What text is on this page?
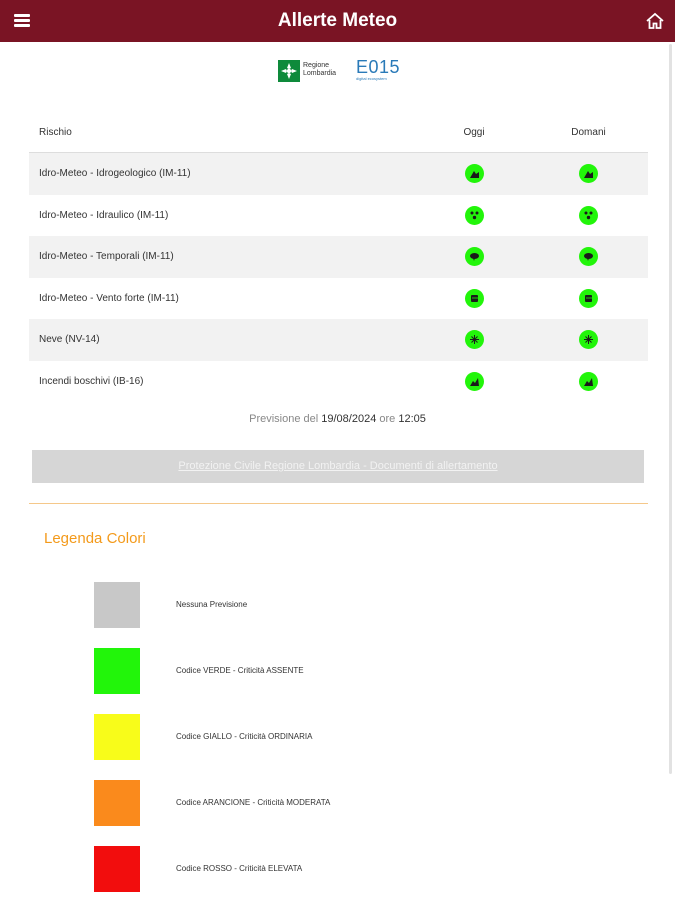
Allerte Meteo
Regione Lombardia	E015
digital ecosystem
Rischio	Oggi	Domani
Idro-Meteo - Idrogeologico (IM-11)	

Idro-Meteo - Idraulico (IM-11)	

Idro-Meteo - Temporali (IM-11)	

Idro-Meteo - Vento forte (IM-11)	

Neve (NV-14)	

Incendi boschivi (IB-16)	

Previsione del 19/08/2024 ore 12:05
Protezione Civile Regione Lombardia - Documenti di allertamento
Legenda Colori
Nessuna Previsione
Codice VERDE - Criticità ASSENTE
Codice GIALLO - Criticità ORDINARIA
Codice ARANCIONE - Criticità MODERATA
Codice ROSSO - Criticità ELEVATA
